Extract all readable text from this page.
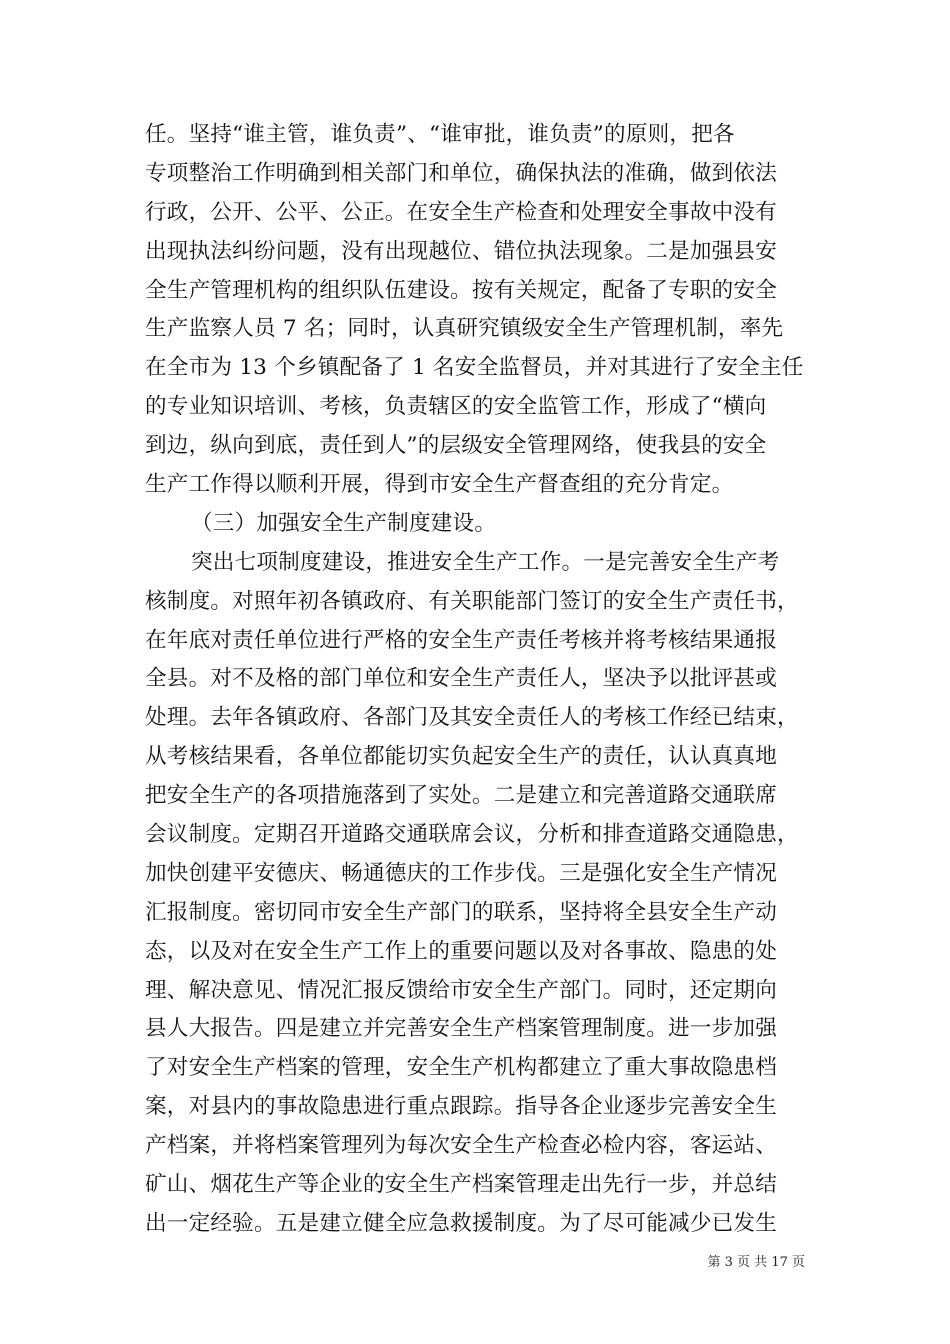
任。坚持“谁主管，谁负责”、“谁审批，谁负责”的原则，把各
专项整治工作明确到相关部门和单位，确保执法的准确，做到依法
行政，公开、公平、公正。在安全生产检查和处理安全事故中没有
出现执法纠纷问题，没有出现越位、错位执法现象。二是加强县安
全生产管理机构的组织队伍建设。按有关规定，配备了专职的安全
生产监察人员 7 名；同时，认真研究镇级安全生产管理机制，率先
在全市为 13 个乡镇配备了 1 名安全监督员，并对其进行了安全主任
的专业知识培训、考核，负责辖区的安全监管工作，形成了“横向
到边，纵向到底，责任到人”的层级安全管理网络，使我县的安全
生产工作得以顺利开展，得到市安全生产督查组的充分肯定。
（三）加强安全生产制度建设。
突出七项制度建设，推进安全生产工作。一是完善安全生产考
核制度。对照年初各镇政府、有关职能部门签订的安全生产责任书，
在年底对责任单位进行严格的安全生产责任考核并将考核结果通报
全县。对不及格的部门单位和安全生产责任人，坚决予以批评甚或
处理。去年各镇政府、各部门及其安全责任人的考核工作经已结束，
从考核结果看，各单位都能切实负起安全生产的责任，认认真真地
把安全生产的各项措施落到了实处。二是建立和完善道路交通联席
会议制度。定期召开道路交通联席会议，分析和排查道路交通隐患，
加快创建平安德庆、畅通德庆的工作步伐。三是强化安全生产情况
汇报制度。密切同市安全生产部门的联系，坚持将全县安全生产动
态，以及对在安全生产工作上的重要问题以及对各事故、隐患的处
理、解决意见、情况汇报反馈给市安全生产部门。同时，还定期向
县人大报告。四是建立并完善安全生产档案管理制度。进一步加强
了对安全生产档案的管理，安全生产机构都建立了重大事故隐患档
案，对县内的事故隐患进行重点跟踪。指导各企业逐步完善安全生
产档案，并将档案管理列为每次安全生产检查必检内容，客运站、
矿山、烟花生产等企业的安全生产档案管理走出先行一步，并总结
出一定经验。五是建立健全应急救援制度。为了尽可能减少已发生
第 3 页 共 17 页
